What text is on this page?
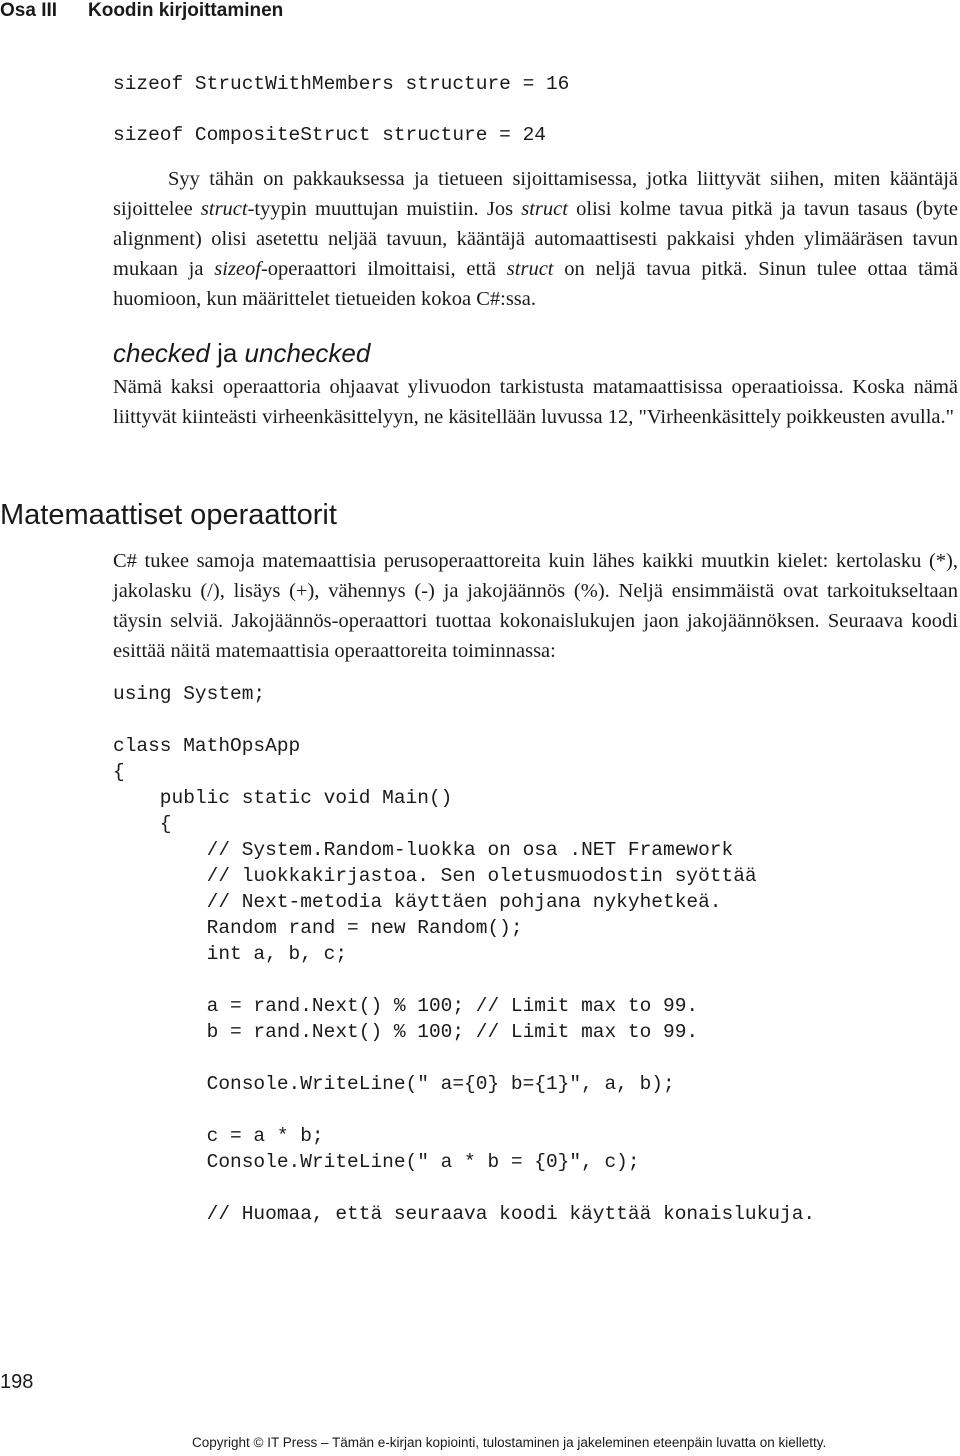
Osa III Koodin kirjoittaminen
sizeof StructWithMembers structure = 16
sizeof CompositeStruct structure = 24

Syy tähän on pakkauksessa ja tietueen sijoittamisessa, jotka liittyvät siihen, miten kääntäjä sijoittelee struct-tyypin muuttujan muistiin. Jos struct olisi kolme tavua pitkä ja tavun tasaus (byte alignment) olisi asetettu neljää tavuun, kääntäjä automaattisesti pakkaisi yhden ylimääräsen tavun mukaan ja sizeof-operaattori ilmoittaisi, että struct on neljä tavua pitkä. Sinun tulee ottaa tämä huomioon, kun määrittelet tietueiden kokoa C#:ssa.

checked ja unchecked

Nämä kaksi operaattoria ohjaavat ylivuodon tarkistusta matamaattisissa operaatioissa. Koska nämä liittyvät kiinteästi virheenkäsittelyyn, ne käsitellään luvussa 12, "Virheenkäsittely poikkeusten avulla."

Matemaattiset operaattorit

C# tukee samoja matemaattisia perusoperaattoreita kuin lähes kaikki muutkin kielet: kertolasku (*), jakolasku (/), lisäys (+), vähennys (-) ja jakojäännös (%). Neljä ensimmäistä ovat tarkoitukseltaan täysin selviä. Jakojäännös-operaattori tuottaa kokonaislukujen jaon jakojäännöksen. Seuraava koodi esittää näitä matemaattisia operaattoreita toiminnassa:

using System;

class MathOpsApp
{
public static void Main()
{
// System.Random-luokka on osa .NET Framework
// luokkakirjastoa. Sen oletusmuodostin syöttää
// Next-metodia käyttäen pohjana nykyhetkeä.
Random rand = new Random();
int a, b, c;

a = rand.Next() % 100; // Limit max to 99.
b = rand.Next() % 100; // Limit max to 99.

Console.WriteLine(" a={0} b={1}", a, b);

c = a * b;
Console.WriteLine(" a * b = {0}", c);

// Huomaa, että seuraava koodi käyttää konaislukuja.
198
Copyright © IT Press – Tämän e-kirjan kopiointi, tulostaminen ja jakeleminen eteenpäin luvatta on kielletty.
